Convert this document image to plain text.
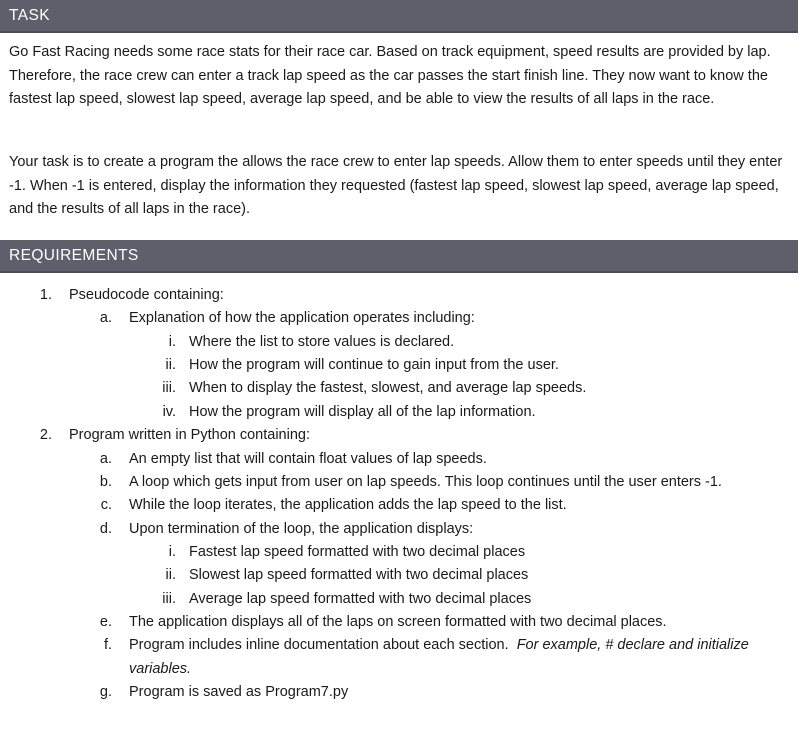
TASK

Go Fast Racing needs some race stats for their race car. Based on track equipment, speed results are provided by lap. Therefore, the race crew can enter a track lap speed as the car passes the start finish line. They now want to know the fastest lap speed, slowest lap speed, average lap speed, and be able to view the results of all laps in the race.

Your task is to create a program the allows the race crew to enter lap speeds. Allow them to enter speeds until they enter -1. When -1 is entered, display the information they requested (fastest lap speed, slowest lap speed, average lap speed, and the results of all laps in the race).

REQUIREMENTS
1. Pseudocode containing:
a. Explanation of how the application operates including:
i. Where the list to store values is declared.
ii. How the program will continue to gain input from the user.
iii. When to display the fastest, slowest, and average lap speeds.
iv. How the program will display all of the lap information.
2. Program written in Python containing:
a. An empty list that will contain float values of lap speeds.
b. A loop which gets input from user on lap speeds. This loop continues until the user enters -1.
c. While the loop iterates, the application adds the lap speed to the list.
d. Upon termination of the loop, the application displays:
i. Fastest lap speed formatted with two decimal places
ii. Slowest lap speed formatted with two decimal places
iii. Average lap speed formatted with two decimal places
e. The application displays all of the laps on screen formatted with two decimal places.
f. Program includes inline documentation about each section. For example, # declare and initialize
variables.
g. Program is saved as Program7.py
